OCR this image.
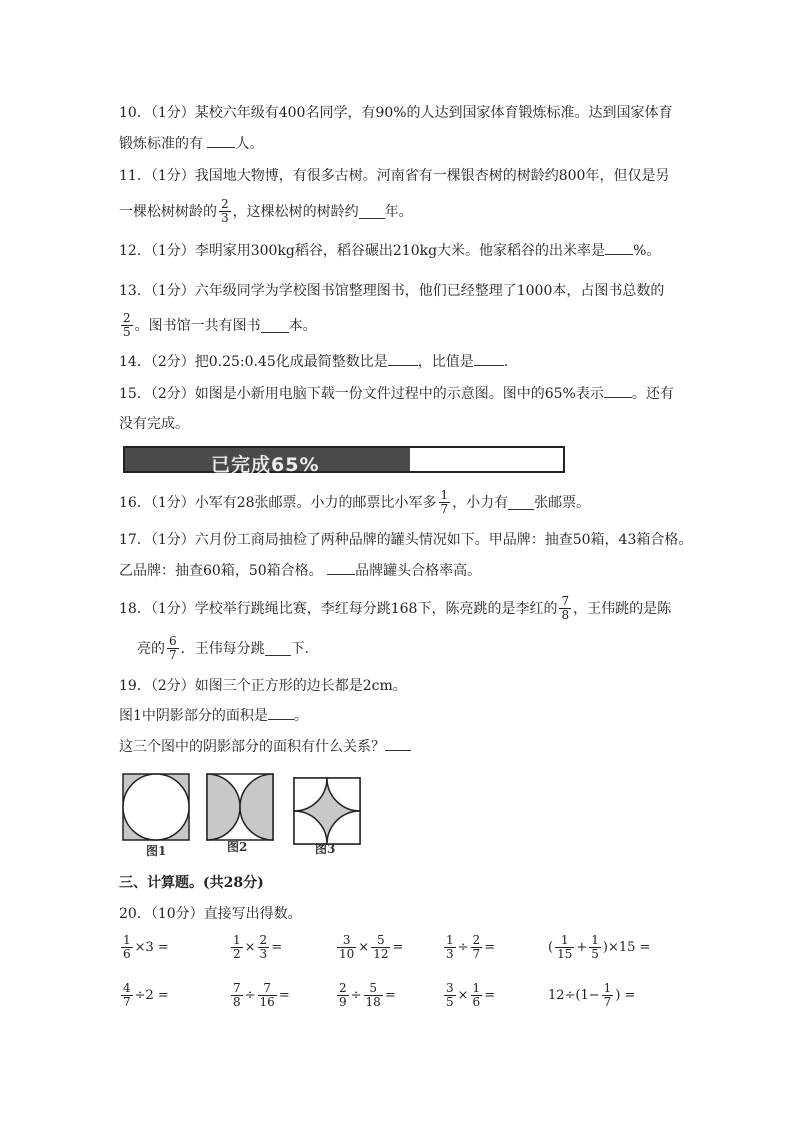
10．（1分）某校六年级有400名同学，有90%的人达到国家体育锻炼标准。达到国家体育
锻炼标准的有 人。
11．（1分）我国地大物博，有很多古树。河南省有一棵银杏树的树龄约800年，但仅是另
一棵松树树龄的 $\frac{2}{3}$ ，这棵松树的树龄约 年。
12．（1分）李明家用300kg稻谷，稻谷碾出210kg大米。他家稻谷的出米率是 %。
13．（1分）六年级同学为学校图书馆整理图书，他们已经整理了1000本，占图书总数的
$\frac{2}{5}$ 。图书馆一共有图书 本。
14．（2分）把0.25:0.45化成最简整数比是 ，比值是 .
15．（2分）如图是小新用电脑下载一份文件过程中的示意图。图中的65%表示 。还有
没有完成。
已完成65%
16．（1分）小军有28张邮票。小力的邮票比小军多 $\frac{1}{7}$ ，小力有 张邮票。
17．（1分）六月份工商局抽检了两种品牌的罐头情况如下。甲品牌：抽查50箱，43箱合格。
乙品牌：抽查60箱，50箱合格。 品牌罐头合格率高。
18．（1分）学校举行跳绳比赛，李红每分跳168下，陈亮跳的是李红的 $\frac{7}{8}$ ，王伟跳的是陈
亮的 $\frac{6}{7}$ ．王伟每分跳 下．
19．（2分）如图三个正方形的边长都是2cm。
图1中阴影部分的面积是 。
这三个图中的阴影部分的面积有什么关系？
图1	图2	图3
三、计算题。(共28分)
20．（10分）直接写出得数。
$\frac{1}{6} \times 3$ =	$\frac{1}{2} \times \frac{2}{3}$ =	$\frac{3}{10} \times \frac{5}{12}$ =	$\frac{1}{3} \div \frac{2}{7}$ =	( $\frac{1}{15} + \frac{1}{5} )\times 15$ =
$\frac{4}{7} \div 2$ =	$\frac{7}{8} \div \frac{7}{16}$ =	$\frac{2}{9} \div \frac{5}{18}$ =	$\frac{3}{5} \times \frac{1}{6}$ =	$12\div(1- \frac{1}{7}$ ) =
